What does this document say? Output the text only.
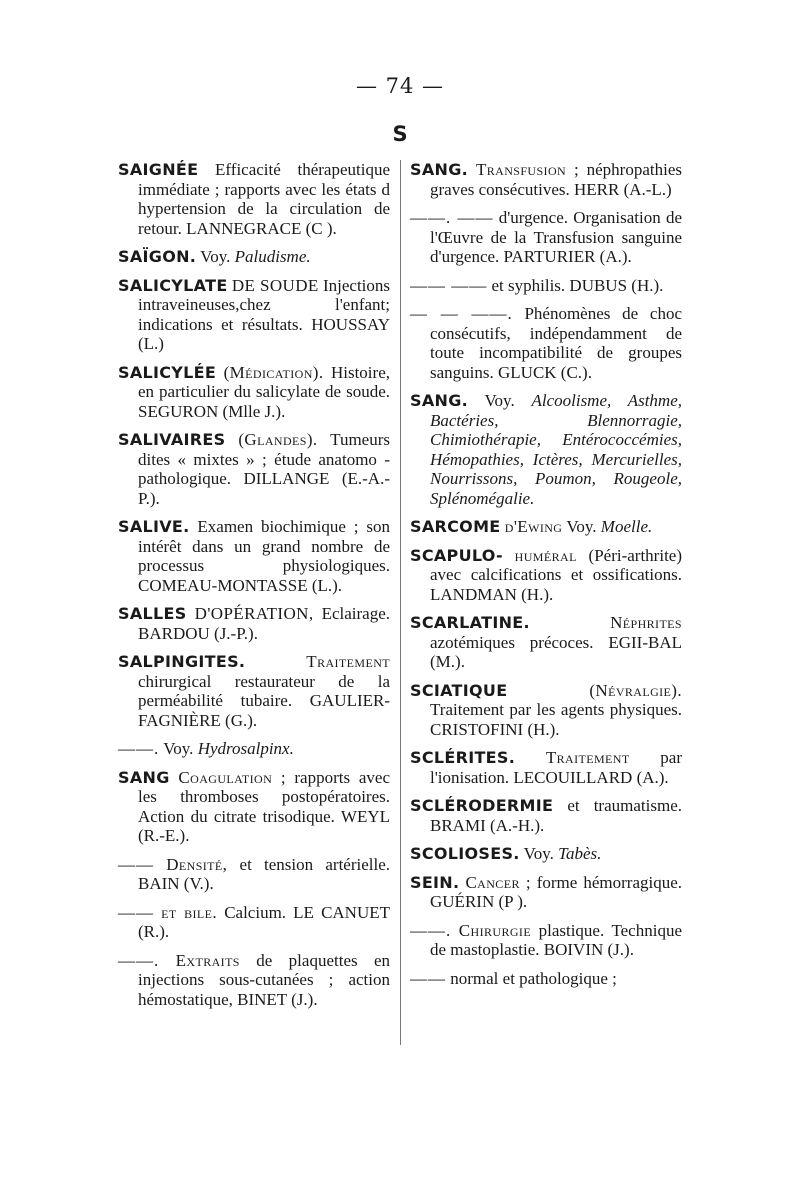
— 74 —
S

SAIGNÉE Efficacité thérapeutique immédiate ; rapports avec les états d hypertension de la circulation de retour. LANNEGRACE (C ).

SAÏGON. Voy. Paludisme.

SALICYLATE DE SOUDE Injections intraveineuses,chez l'enfant; indications et résultats. HOUSSAY (L.)

SALICYLÉE (Médication). Histoire, en particulier du salicylate de soude. SEGURON (Mlle J.).

SALIVAIRES (Glandes). Tumeurs dites « mixtes » ; étude anatomo - pathologique. DILLANGE (E.-A.-P.).

SALIVE. Examen biochimique ; son intérêt dans un grand nombre de processus physiologiques. COMEAU-MONTASSE (L.).

SALLES D'OPÉRATION, Eclairage. BARDOU (J.-P.).

SALPINGITES.	Traitement chirurgical restaurateur de la perméabilité tubaire. GAULIER-FAGNIÈRE (G.).

——. Voy. Hydrosalpinx.

SANG Coagulation ; rapports avec les thromboses postopératoires. Action du citrate trisodique. WEYL (R.-E.).

—— Densité, et tension artérielle. BAIN (V.).

—— et bile. Calcium. LE CANUET (R.).

——. Extraits de plaquettes en injections sous-cutanées ; action hémostatique, BINET (J.).

SANG. Transfusion ; néphropathies graves consécutives. HERR (A.-L.)

——. —— d'urgence. Organisation de l'Œuvre de la Transfusion sanguine d'urgence. PARTURIER (A.).

—— —— et syphilis. DUBUS (H.).

— — ——. Phénomènes de choc consécutifs, indépendamment de toute incompatibilité de groupes sanguins. GLUCK (C.).

SANG. Voy. Alcoolisme, Asthme, Bactéries, Blennorragie, Chimiothérapie, Entérococcémies, Hémopathies, Ictères, Mercurielles, Nourrissons, Poumon, Rougeole, Splénomégalie.

SARCOME d'Ewing Voy. Moelle.

SCAPULO- huméral (Péri-arthrite) avec calcifications et ossifications. LANDMAN (H.).

SCARLATINE.	Néphrites azotémiques précoces. EGII-BAL (M.).

SCIATIQUE	(Névralgie). Traitement par les agents physiques. CRISTOFINI (H.).

SCLÉRITES. Traitement par l'ionisation. LECOUILLARD (A.).

SCLÉRODERMIE et traumatisme. BRAMI (A.-H.).

SCOLIOSES. Voy. Tabès.

SEIN. Cancer ; forme hémorragique. GUÉRIN (P ).

——. Chirurgie plastique. Technique de mastoplastie. BOIVIN (J.).

—— normal et pathologique ;
